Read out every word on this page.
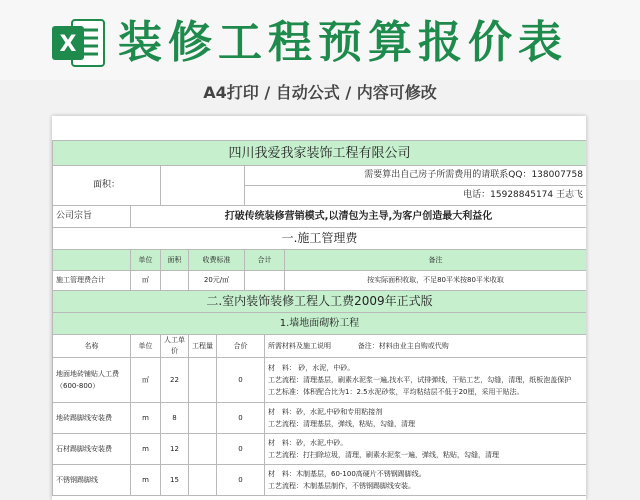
X 装修工程预算报价表
A4打印 / 自动公式 / 内容可修改

四川我爱我家装饰工程有限公司							
面积：					需要算出自己房子所需费用的请联系QQ：138007758		
					电话：15928845174 王志飞		
公司宗旨	打破传统装修营销模式,以清包为主导,为客户创造最大利益化						
一.施工管理费							
	单位	面积	收费标准		合计		备注
施工管理费合计	㎡		20元/㎡				按实际面积收取，不足80平米按80平米收取
二.室内装饰装修工程人工费2009年正式版							
1.墙地面砌粉工程							
名称	单位	人工单价	工程量	合价		所需材料及施工说明 备注：材料由业主自购或代购	
地面地砖铺贴人工费（600-800）	㎡	22		0		材　料： 砂，水泥，中砂。
工艺流程：清理基层，刷素水泥浆一遍,找水平，试排弹线，干贴工艺，勾缝，清理，纸板泡盖保护
工艺标准：体积配合比为1：2.5水泥砂浆，平均粘结层不低于20厘，采用干贴法。	

地砖踢脚线安装费	m	8		0		材　料：砂，水泥,中砂和专用粘接剂
工艺流程：清理基层，弹线，粘贴，勾缝，清理	

石材踢脚线安装费	m	12		0		材　料：砂，水泥,中砂。
工艺流程：打扫除垃圾，清理，刷素水泥浆一遍，弹线，粘贴，勾缝，清理	

不锈钢踢脚线	m	15		0		材　料：木制基层，60-100高硬片不锈钢踢脚线。
工艺流程：木制基层制作，不锈钢踢脚线安装。	
